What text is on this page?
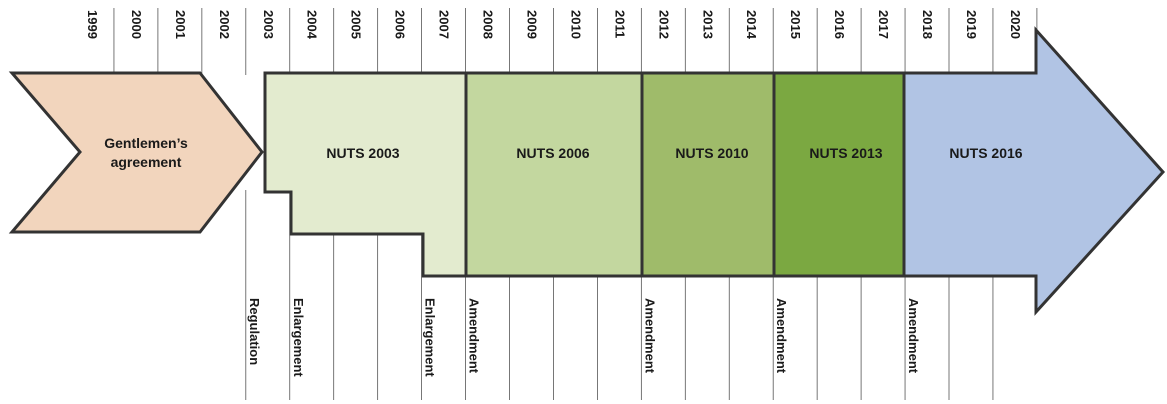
1999 2000 2001 2002 2003 2004 2005 2006 2007 2008 2009 2010 2011 2012 2013 2014 2015 2016 2017 2018 2019 2020
Gentlemen’s
agreement
NUTS 2003	NUTS 2006	NUTS 2010	NUTS 2013	NUTS 2016
Regulation Enlargement	Enlargement Amendment	Amendment	Amendment	Amendment
